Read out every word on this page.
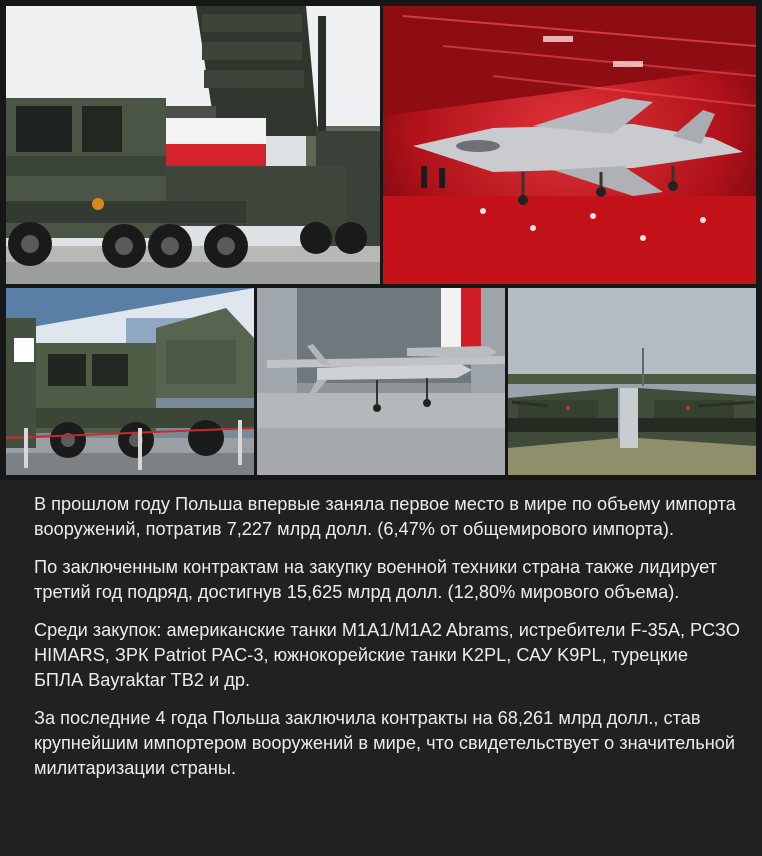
В прошлом году Польша впервые заняла первое место в мире по объему импорта вооружений, потратив 7,227 млрд долл. (6,47% от общемирового импорта).

По заключенным контрактам на закупку военной техники страна также лидирует третий год подряд, достигнув 15,625 млрд долл. (12,80% мирового объема).

Среди закупок: американские танки M1A1/M1A2 Abrams, истребители F-35A, РСЗО HIMARS, ЗРК Patriot PAC-3, южнокорейские танки K2PL, САУ K9PL, турецкие БПЛА Bayraktar TB2 и др.

За последние 4 года Польша заключила контракты на 68,261 млрд долл., став крупнейшим импортером вооружений в мире, что свидетельствует о значительной милитаризации страны.
